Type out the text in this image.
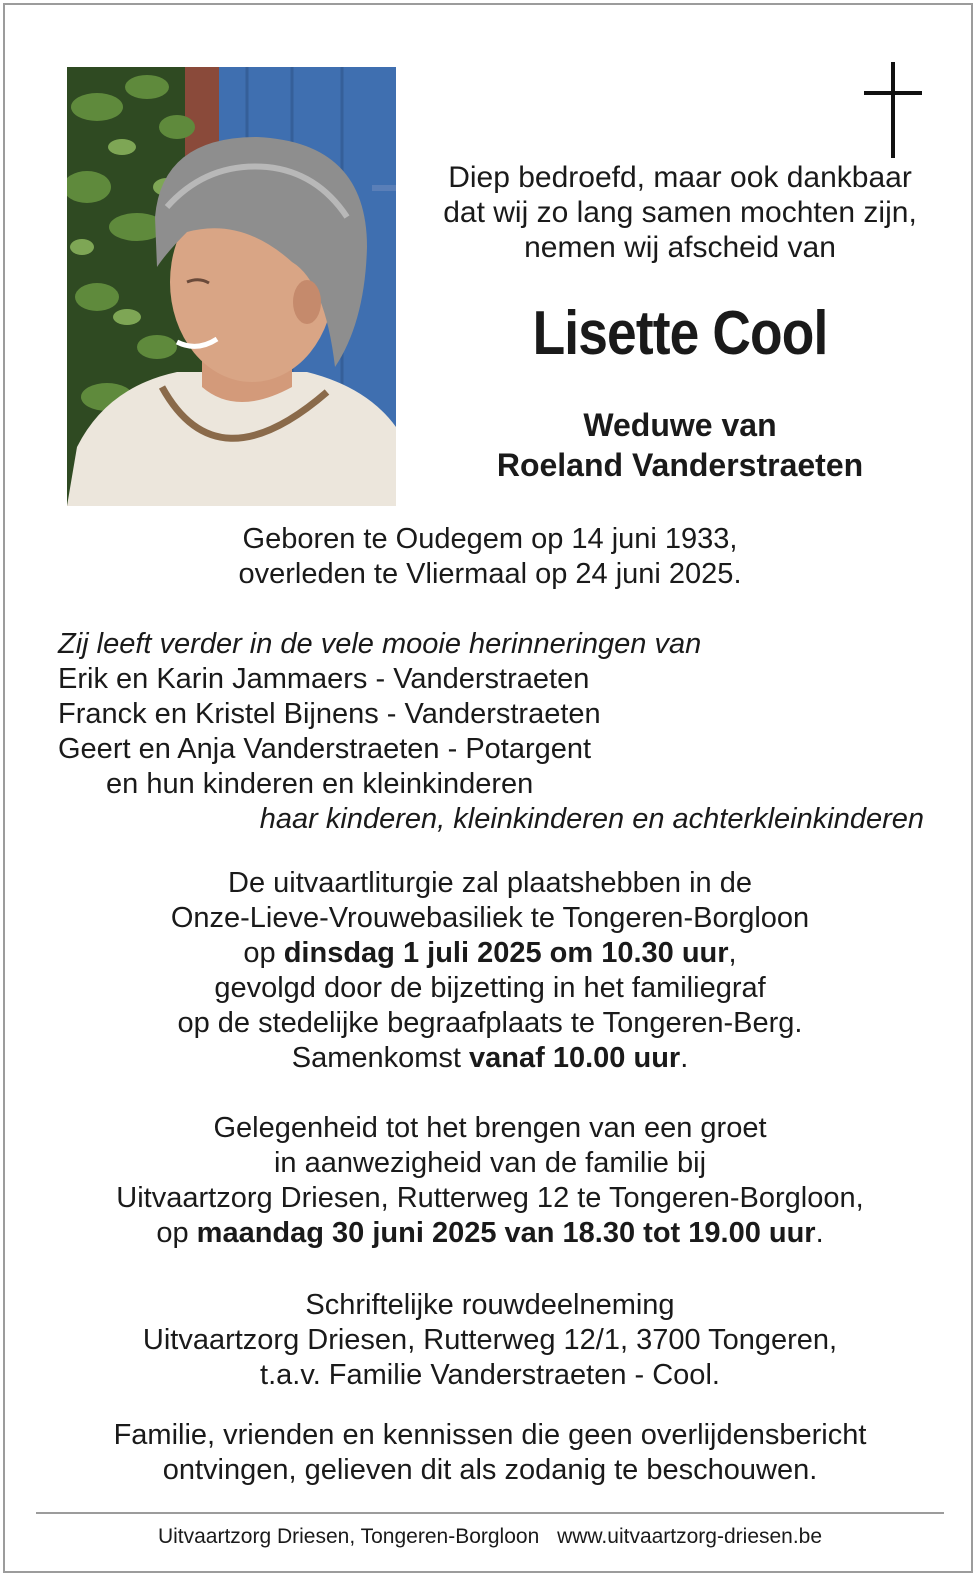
Diep bedroefd, maar ook dankbaar
dat wij zo lang samen mochten zijn,
nemen wij afscheid van
Lisette Cool
Weduwe van
Roeland Vanderstraeten
Geboren te Oudegem op 14 juni 1933,
overleden te Vliermaal op 24 juni 2025.
Zij leeft verder in de vele mooie herinneringen van
Erik en Karin Jammaers - Vanderstraeten
Franck en Kristel Bijnens - Vanderstraeten
Geert en Anja Vanderstraeten - Potargent
en hun kinderen en kleinkinderen
haar kinderen, kleinkinderen en achterkleinkinderen
De uitvaartliturgie zal plaatshebben in de
Onze-Lieve-Vrouwebasiliek te Tongeren-Borgloon
op dinsdag 1 juli 2025 om 10.30 uur,
gevolgd door de bijzetting in het familiegraf
op de stedelijke begraafplaats te Tongeren-Berg.
Samenkomst vanaf 10.00 uur.
Gelegenheid tot het brengen van een groet
in aanwezigheid van de familie bij
Uitvaartzorg Driesen, Rutterweg 12 te Tongeren-Borgloon,
op maandag 30 juni 2025 van 18.30 tot 19.00 uur.
Schriftelijke rouwdeelneming
Uitvaartzorg Driesen, Rutterweg 12/1, 3700 Tongeren,
t.a.v. Familie Vanderstraeten - Cool.
Familie, vrienden en kennissen die geen overlijdensbericht
ontvingen, gelieven dit als zodanig te beschouwen.
Uitvaartzorg Driesen, Tongeren-Borgloon www.uitvaartzorg-driesen.be
